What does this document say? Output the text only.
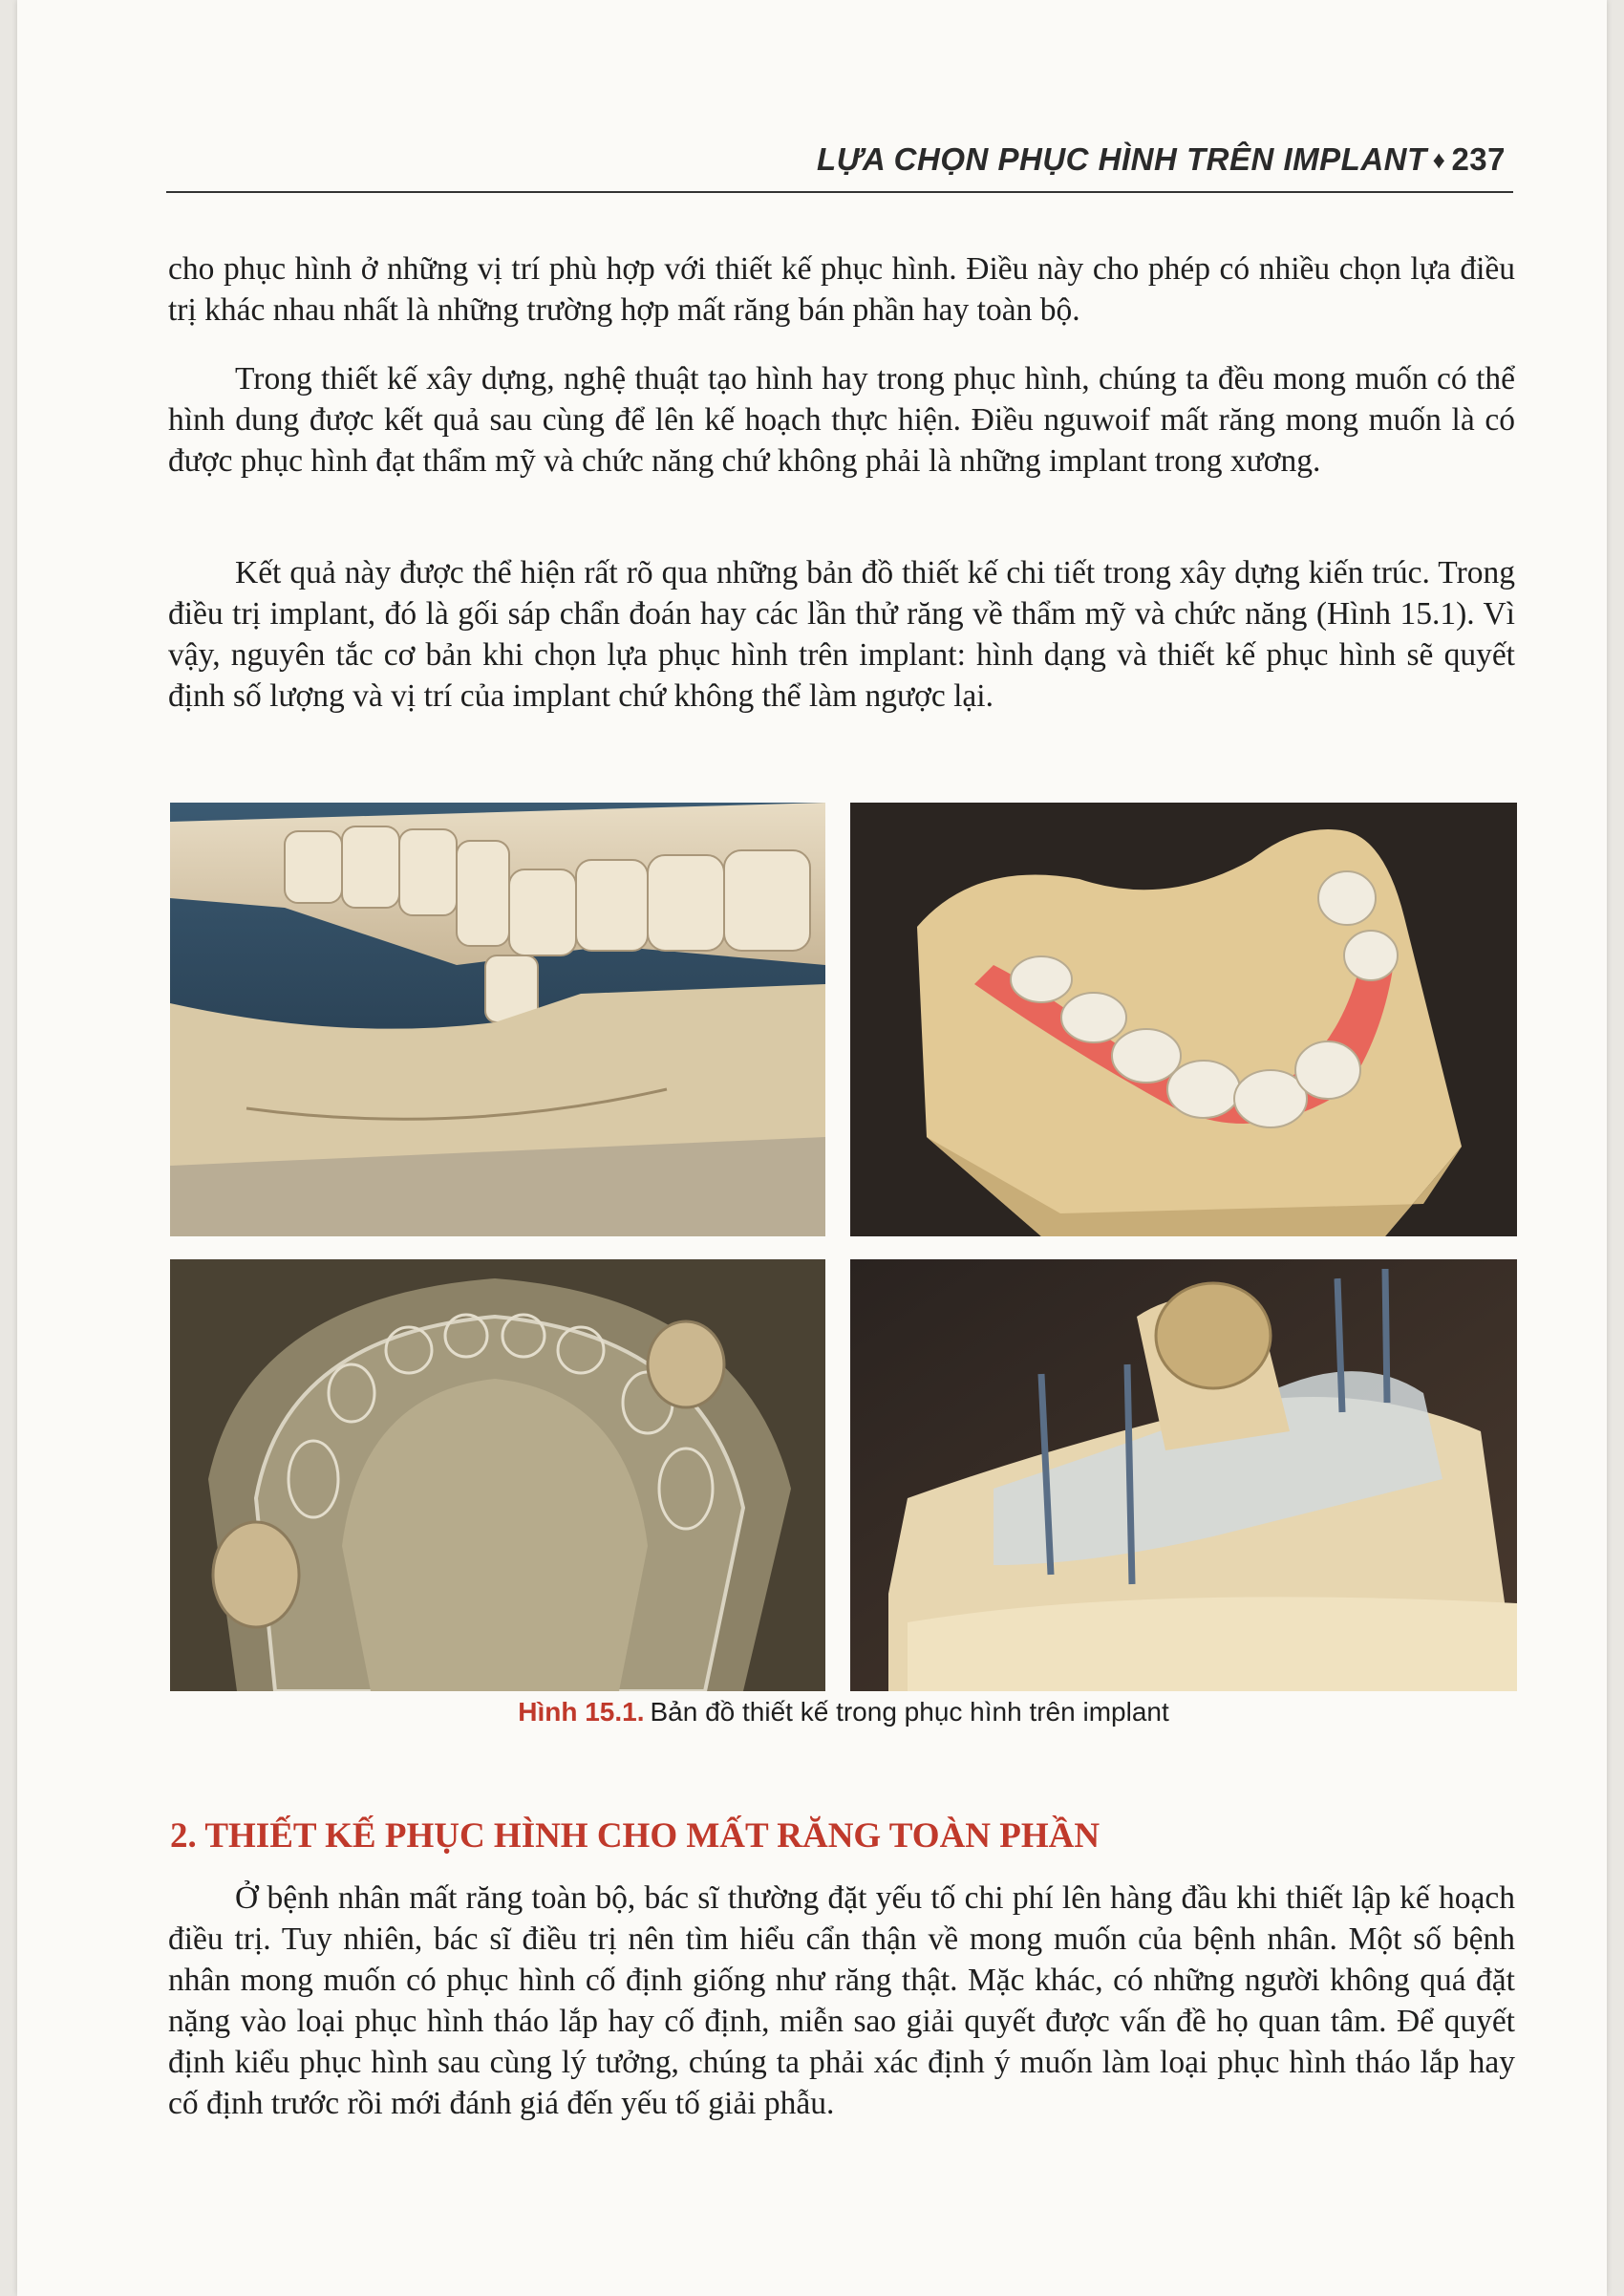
LỰA CHỌN PHỤC HÌNH TRÊN IMPLANT ♦ 237

cho phục hình ở những vị trí phù hợp với thiết kế phục hình. Điều này cho phép có nhiều chọn lựa điều trị khác nhau nhất là những trường hợp mất răng bán phần hay toàn bộ.

Trong thiết kế xây dựng, nghệ thuật tạo hình hay trong phục hình, chúng ta đều mong muốn có thể hình dung được kết quả sau cùng để lên kế hoạch thực hiện. Điều nguwoif mất răng mong muốn là có được phục hình đạt thẩm mỹ và chức năng chứ không phải là những implant trong xương.

Kết quả này được thể hiện rất rõ qua những bản đồ thiết kế chi tiết trong xây dựng kiến trúc. Trong điều trị implant, đó là gối sáp chẩn đoán hay các lần thử răng về thẩm mỹ và chức năng (Hình 15.1). Vì vậy, nguyên tắc cơ bản khi chọn lựa phục hình trên implant: hình dạng và thiết kế phục hình sẽ quyết định số lượng và vị trí của implant chứ không thể làm ngược lại.

Hình 15.1. Bản đồ thiết kế trong phục hình trên implant
2. THIẾT KẾ PHỤC HÌNH CHO MẤT RĂNG TOÀN PHẦN

Ở bệnh nhân mất răng toàn bộ, bác sĩ thường đặt yếu tố chi phí lên hàng đầu khi thiết lập kế hoạch điều trị. Tuy nhiên, bác sĩ điều trị nên tìm hiểu cẩn thận về mong muốn của bệnh nhân. Một số bệnh nhân mong muốn có phục hình cố định giống như răng thật. Mặc khác, có những người không quá đặt nặng vào loại phục hình tháo lắp hay cố định, miễn sao giải quyết được vấn đề họ quan tâm. Để quyết định kiểu phục hình sau cùng lý tưởng, chúng ta phải xác định ý muốn làm loại phục hình tháo lắp hay cố định trước rồi mới đánh giá đến yếu tố giải phẫu.
